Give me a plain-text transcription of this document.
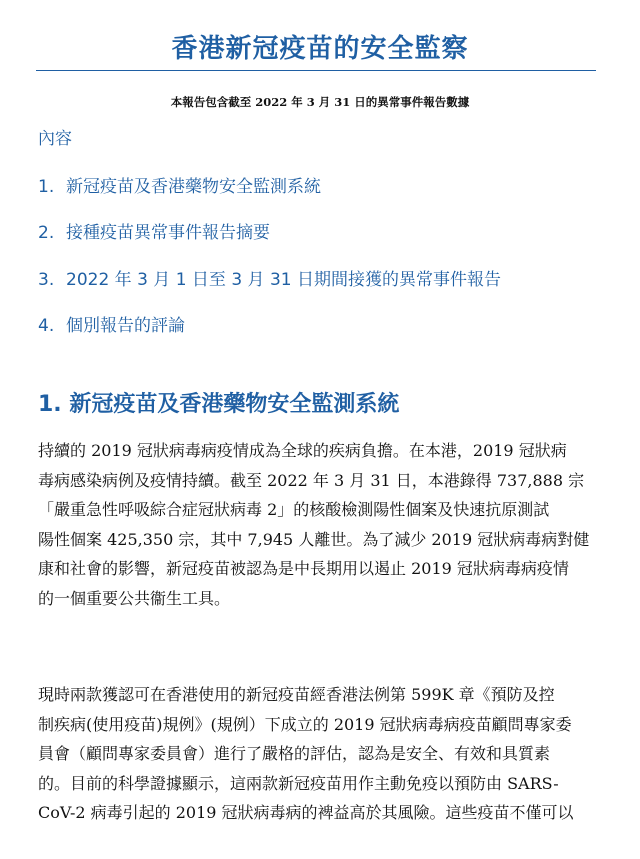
香港新冠疫苗的安全監察
本報告包含截至 2022 年 3 月 31 日的異常事件報告數據
內容
1. 新冠疫苗及香港藥物安全監測系統
2. 接種疫苗異常事件報告摘要
3. 2022 年 3 月 1 日至 3 月 31 日期間接獲的異常事件報告
4. 個別報告的評論
1. 新冠疫苗及香港藥物安全監測系統
持續的 2019 冠狀病毒病疫情成為全球的疾病負擔。在本港，2019 冠狀病
毒病感染病例及疫情持續。截至 2022 年 3 月 31 日，本港錄得 737,888 宗
「嚴重急性呼吸綜合症冠狀病毒 2」的核酸檢測陽性個案及快速抗原測試
陽性個案 425,350 宗，其中 7,945 人離世。為了減少 2019 冠狀病毒病對健
康和社會的影響，新冠疫苗被認為是中長期用以遏止 2019 冠狀病毒病疫情
的一個重要公共衞生工具。
現時兩款獲認可在香港使用的新冠疫苗經香港法例第 599K 章《預防及控
制疾病(使用疫苗)規例》(規例）下成立的 2019 冠狀病毒病疫苗顧問專家委
員會（顧問專家委員會）進行了嚴格的評估，認為是安全、有效和具質素
的。目前的科學證據顯示，這兩款新冠疫苗用作主動免疫以預防由 SARS-
CoV-2 病毒引起的 2019 冠狀病毒病的裨益高於其風險。這些疫苗不僅可以
